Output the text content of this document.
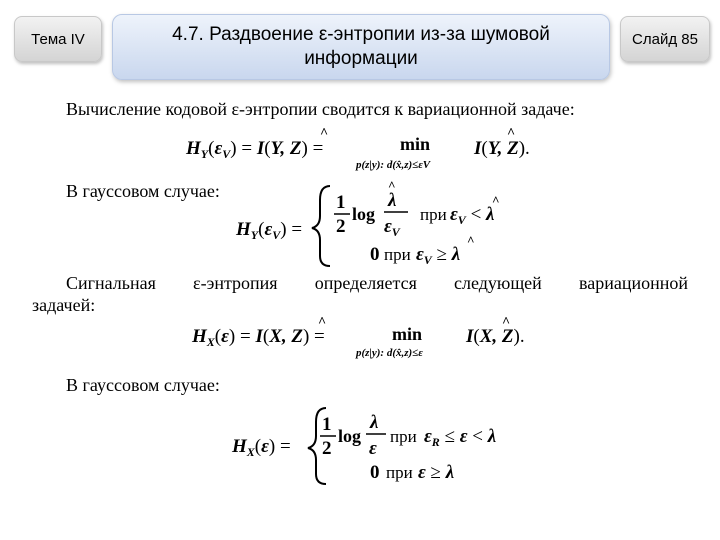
Тема IV	4.7. Раздвоение ε-энтропии из-за шумовой информации
Слайд 85
Вычисление кодовой ε-энтропии сводится к вариационной задаче:
$H_Y(\varepsilon_V) = I(Y$, Z) =
^
min
p(z|y): d(x̂,z)≤εV
I(Y, Z).
^
В гауссовом случае:
$H_Y(\varepsilon_V)$ =
1
2
log
λ
^
$\varepsilon_V$
при $\varepsilon_V < \lambda$
^
0 при $\varepsilon_V \ge \lambda$
^
Сигнальная ε-энтропия определяется следующей вариационной
задачей:
$H_X(\varepsilon) = I(X$, Z) =
^
min
p(z|y): d(x̂,z)≤ε
I(X, Z).
^
В гауссовом случае:
$H_X(\varepsilon)$ =
1
2
log
λ
ε
при $\varepsilon_R \le \varepsilon < \lambda$
0 при ε ≥ λ
